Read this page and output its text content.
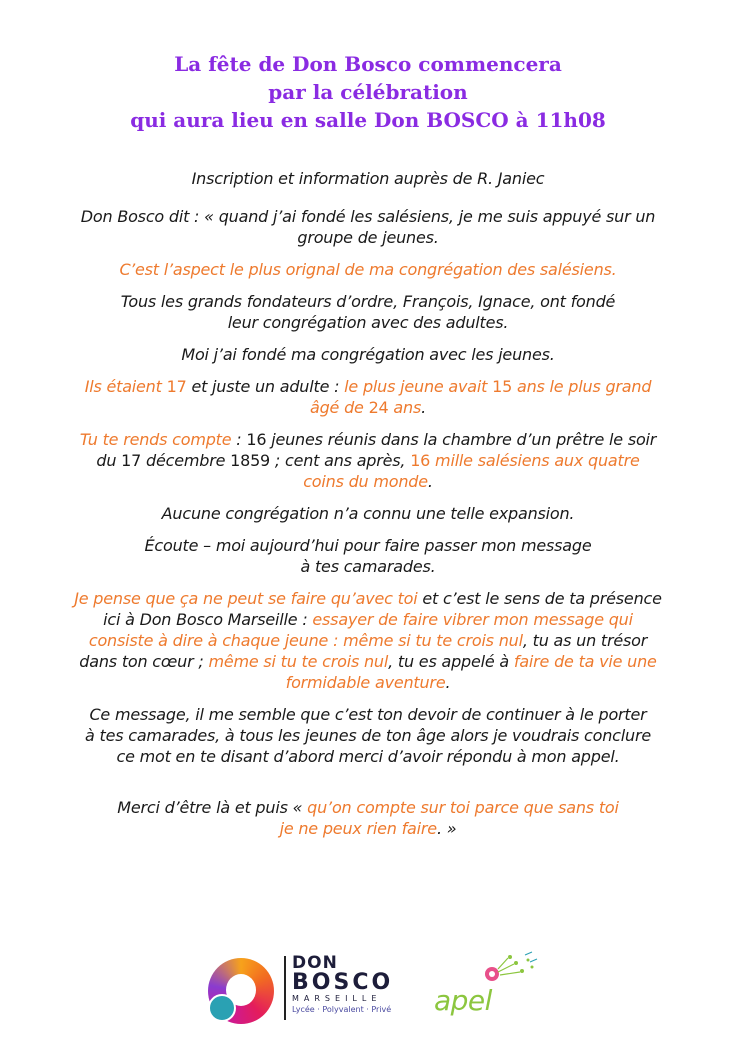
La fête de Don Bosco commencera
par la célébration
qui aura lieu en salle Don BOSCO à 11h08

Inscription et information auprès de R. Janiec

Don Bosco dit : « quand j’ai fondé les salésiens, je me suis appuyé sur un
groupe de jeunes.

C’est l’aspect le plus orignal de ma congrégation des salésiens.

Tous les grands fondateurs d’ordre, François, Ignace, ont fondé
leur congrégation avec des adultes.

Moi j’ai fondé ma congrégation avec les jeunes.

Ils étaient 17 et juste un adulte : le plus jeune avait 15 ans le plus grand
âgé de 24 ans.

Tu te rends compte : 16 jeunes réunis dans la chambre d’un prêtre le soir
du 17 décembre 1859 ; cent ans après, 16 mille salésiens aux quatre
coins du monde.

Aucune congrégation n’a connu une telle expansion.

Écoute – moi aujourd’hui pour faire passer mon message
à tes camarades.

Je pense que ça ne peut se faire qu’avec toi et c’est le sens de ta présence
ici à Don Bosco Marseille : essayer de faire vibrer mon message qui
consiste à dire à chaque jeune : même si tu te crois nul, tu as un trésor
dans ton cœur ; même si tu te crois nul, tu es appelé à faire de ta vie une
formidable aventure.

Ce message, il me semble que c’est ton devoir de continuer à le porter
à tes camarades, à tous les jeunes de ton âge alors je voudrais conclure
ce mot en te disant d’abord merci d’avoir répondu à mon appel.

Merci d’être là et puis « qu’on compte sur toi parce que sans toi
je ne peux rien faire. »

DON
BOSCO
MARSEILLE
Lycée · Polyvalent · Privé apel
